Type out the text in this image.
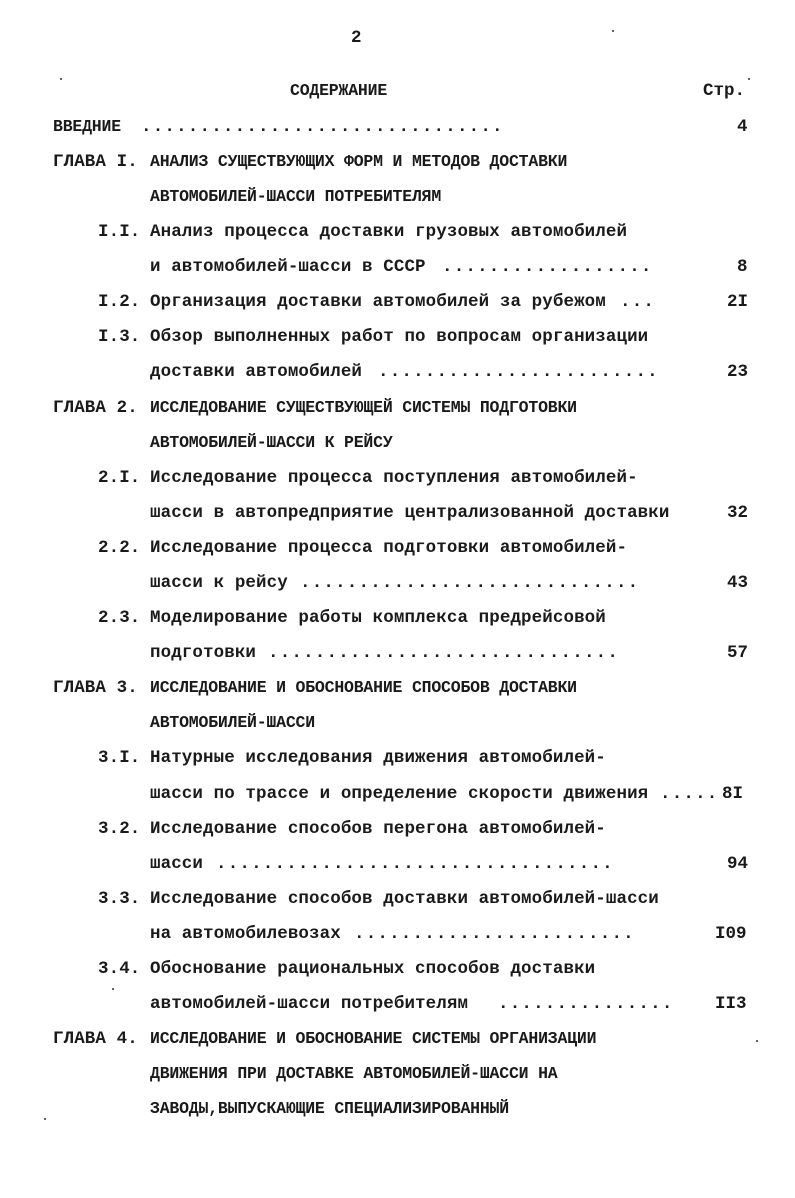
2
СОДЕРЖАНИЕ	Стр.
ВВЕДНИЕ ...............................	4
ГЛАВА I. АНАЛИЗ СУЩЕСТВУЮЩИХ ФОРМ И МЕТОДОВ ДОСТАВКИ
АВТОМОБИЛЕЙ-ШАССИ ПОТРЕБИТЕЛЯМ
I.I. Анализ процесса доставки грузовых автомобилей
и автомобилей-шасси в СССР ..................	8
I.2. Организация доставки автомобилей за рубежом ...	2I
I.3. Обзор выполненных работ по вопросам организации
доставки автомобилей ........................	23
ГЛАВА 2. ИССЛЕДОВАНИЕ СУЩЕСТВУЮЩЕЙ СИСТЕМЫ ПОДГОТОВКИ
АВТОМОБИЛЕЙ-ШАССИ К РЕЙСУ
2.I. Исследование процесса поступления автомобилей-
шасси в автопредприятие централизованной доставки	32
2.2. Исследование процесса подготовки автомобилей-
шасси к рейсу .............................	43
2.3. Моделирование работы комплекса предрейсовой
подготовки ..............................	57
ГЛАВА 3. ИССЛЕДОВАНИЕ И ОБОСНОВАНИЕ СПОСОБОВ ДОСТАВКИ
АВТОМОБИЛЕЙ-ШАССИ
3.I. Натурные исследования движения автомобилей-
шасси по трассе и определение скорости движения ..... 8I
3.2. Исследование способов перегона автомобилей-
шасси ..................................	94
3.3. Исследование способов доставки автомобилей-шасси
на автомобилевозах ........................	I09
3.4. Обоснование рациональных способов доставки
автомобилей-шасси потребителям ............... II3
ГЛАВА 4. ИССЛЕДОВАНИЕ И ОБОСНОВАНИЕ СИСТЕМЫ ОРГАНИЗАЦИИ
ДВИЖЕНИЯ ПРИ ДОСТАВКЕ АВТОМОБИЛЕЙ-ШАССИ НА
ЗАВОДЫ,ВЫПУСКАЮЩИЕ СПЕЦИАЛИЗИРОВАННЫЙ
